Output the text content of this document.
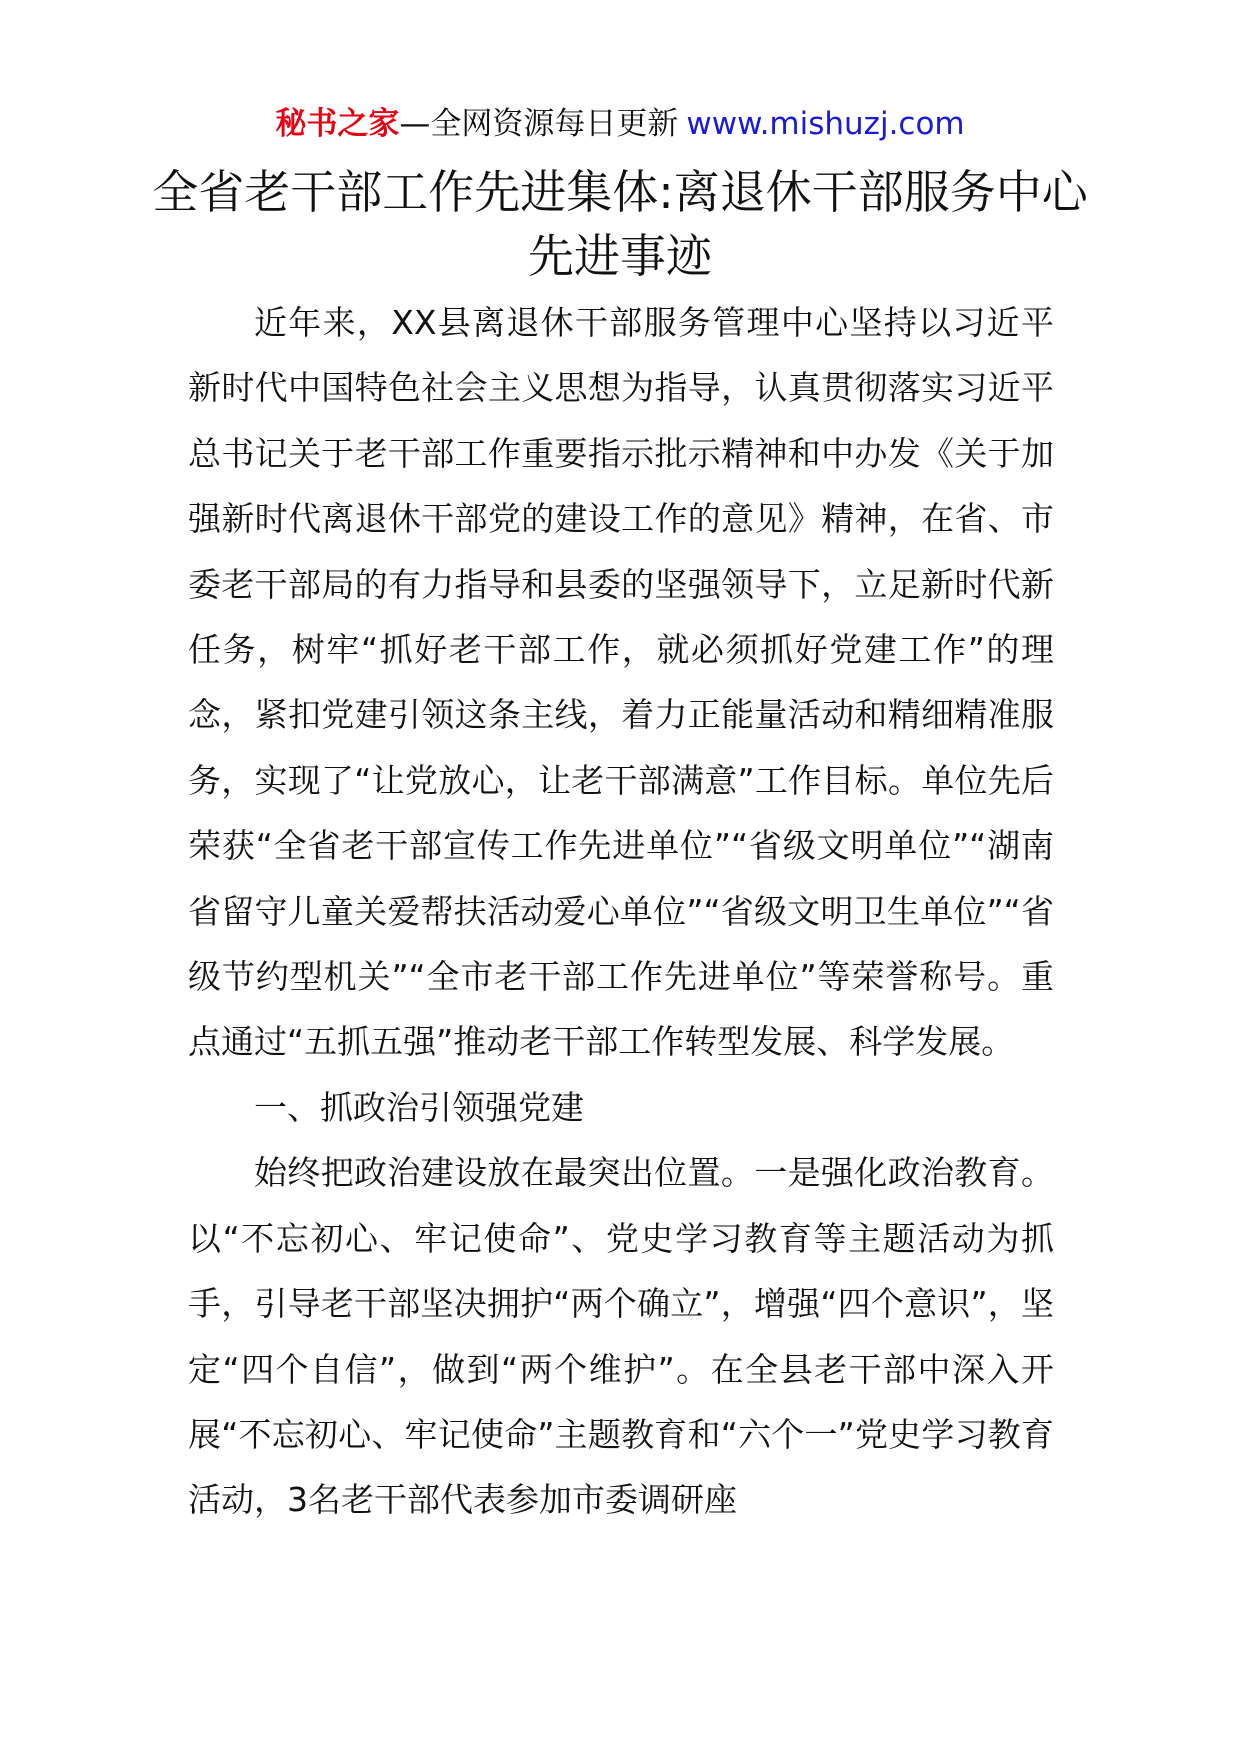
秘书之家—全网资源每日更新 www.mishuzj.com
全省老干部工作先进集体:离退休干部服务中心先进事迹

近年来，XX县离退休干部服务管理中心坚持以习近平新时代中国特色社会主义思想为指导，认真贯彻落实习近平总书记关于老干部工作重要指示批示精神和中办发《关于加强新时代离退休干部党的建设工作的意见》精神，在省、市委老干部局的有力指导和县委的坚强领导下，立足新时代新任务，树牢“抓好老干部工作，就必须抓好党建工作”的理念，紧扣党建引领这条主线，着力正能量活动和精细精准服务，实现了“让党放心，让老干部满意”工作目标。单位先后荣获“全省老干部宣传工作先进单位”“省级文明单位”“湖南省留守儿童关爱帮扶活动爱心单位”“省级文明卫生单位”“省级节约型机关”“全市老干部工作先进单位”等荣誉称号。重点通过“五抓五强”推动老干部工作转型发展、科学发展。

一、抓政治引领强党建

始终把政治建设放在最突出位置。一是强化政治教育。以“不忘初心、牢记使命”、党史学习教育等主题活动为抓手，引导老干部坚决拥护“两个确立”，增强“四个意识”，坚定“四个自信”，做到“两个维护”。在全县老干部中深入开展“不忘初心、牢记使命”主题教育和“六个一”党史学习教育活动，3名老干部代表参加市委调研座
